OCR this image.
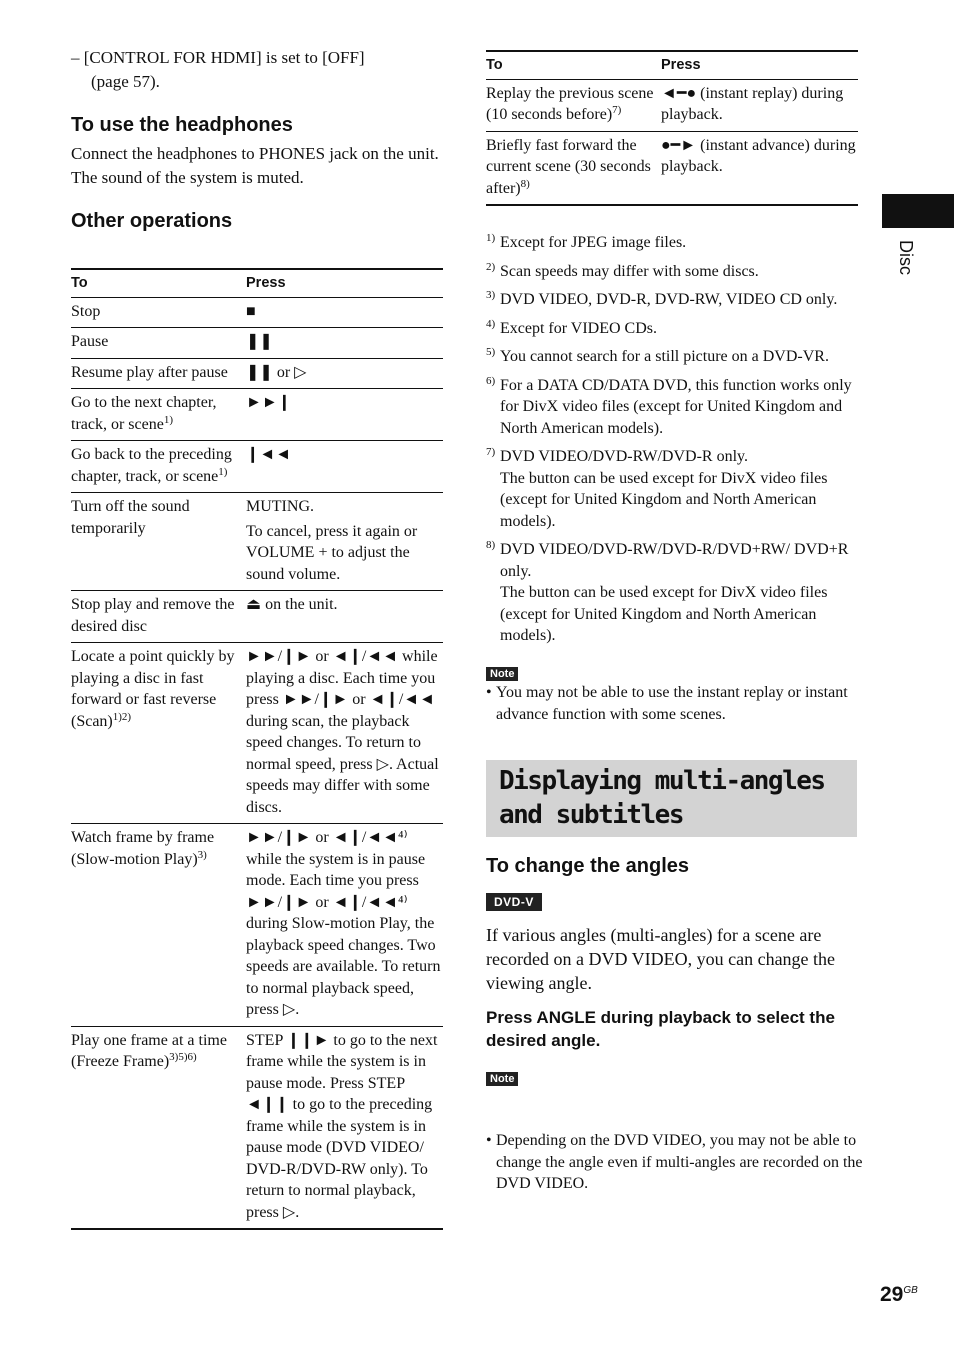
– [CONTROL FOR HDMI] is set to [OFF]
(page 57).
To use the headphones
Connect the headphones to PHONES jack on the unit. The sound of the system is muted.
Other operations
To	Press
Stop	■

Pause	❚❚

Resume play after pause	❚❚ or ▷

Go to the next chapter, track, or scene$^{1)}$	►►❙

Go back to the preceding chapter, track, or scene$^{1)}$	❙◄◄

Turn off the sound temporarily	MUTING.
To cancel, press it again or VOLUME + to adjust the sound volume.

Stop play and remove the desired disc	⏏ on the unit.

Locate a point quickly by playing a disc in fast forward or fast reverse (Scan)$^{1)2)}$	►►/❙► or ◄❙/◄◄ while playing a disc. Each time you press ►►/❙► or ◄❙/◄◄ during scan, the playback speed changes. To return to normal speed, press ▷. Actual speeds may differ with some discs.

Watch frame by frame (Slow-motion Play)$^{3)}$	►►/❙► or ◄❙/◄◄⁴⁾ while the system is in pause mode. Each time you press ►►/❙► or ◄❙/◄◄⁴⁾ during Slow-motion Play, the playback speed changes. Two speeds are available. To return to normal playback speed, press ▷.

Play one frame at a time (Freeze Frame)$^{3)5)6)}$	STEP ❙❙► to go to the next frame while the system is in pause mode. Press STEP ◄❙❙ to go to the preceding frame while the system is in pause mode (DVD VIDEO/ DVD-R/DVD-RW only). To return to normal playback, press ▷.
To	Press
Replay the previous scene (10 seconds before)$^{7)}$	◄━● (instant replay) during playback.

Briefly fast forward the current scene (30 seconds after)$^{8)}$	●━► (instant advance) during playback.
1) Except for JPEG image files.
2) Scan speeds may differ with some discs.
3) DVD VIDEO, DVD-R, DVD-RW, VIDEO CD only.
4) Except for VIDEO CDs.
5) You cannot search for a still picture on a DVD-VR.
6) For a DATA CD/DATA DVD, this function works only for DivX video files (except for United Kingdom and North American models).
7) DVD VIDEO/DVD-RW/DVD-R only.
The button can be used except for DivX video files (except for United Kingdom and North American models).
8) DVD VIDEO/DVD-RW/DVD-R/DVD+RW/ DVD+R only.
The button can be used except for DivX video files (except for United Kingdom and North American models).
Note
• You may not be able to use the instant replay or instant advance function with some scenes.
Displaying multi-angles and subtitles
To change the angles
DVD-V
If various angles (multi-angles) for a scene are recorded on a DVD VIDEO, you can change the viewing angle.
Press ANGLE during playback to select the desired angle.
Note
• Depending on the DVD VIDEO, you may not be able to change the angle even if multi-angles are recorded on the DVD VIDEO.
Disc
$29^{GB}$
